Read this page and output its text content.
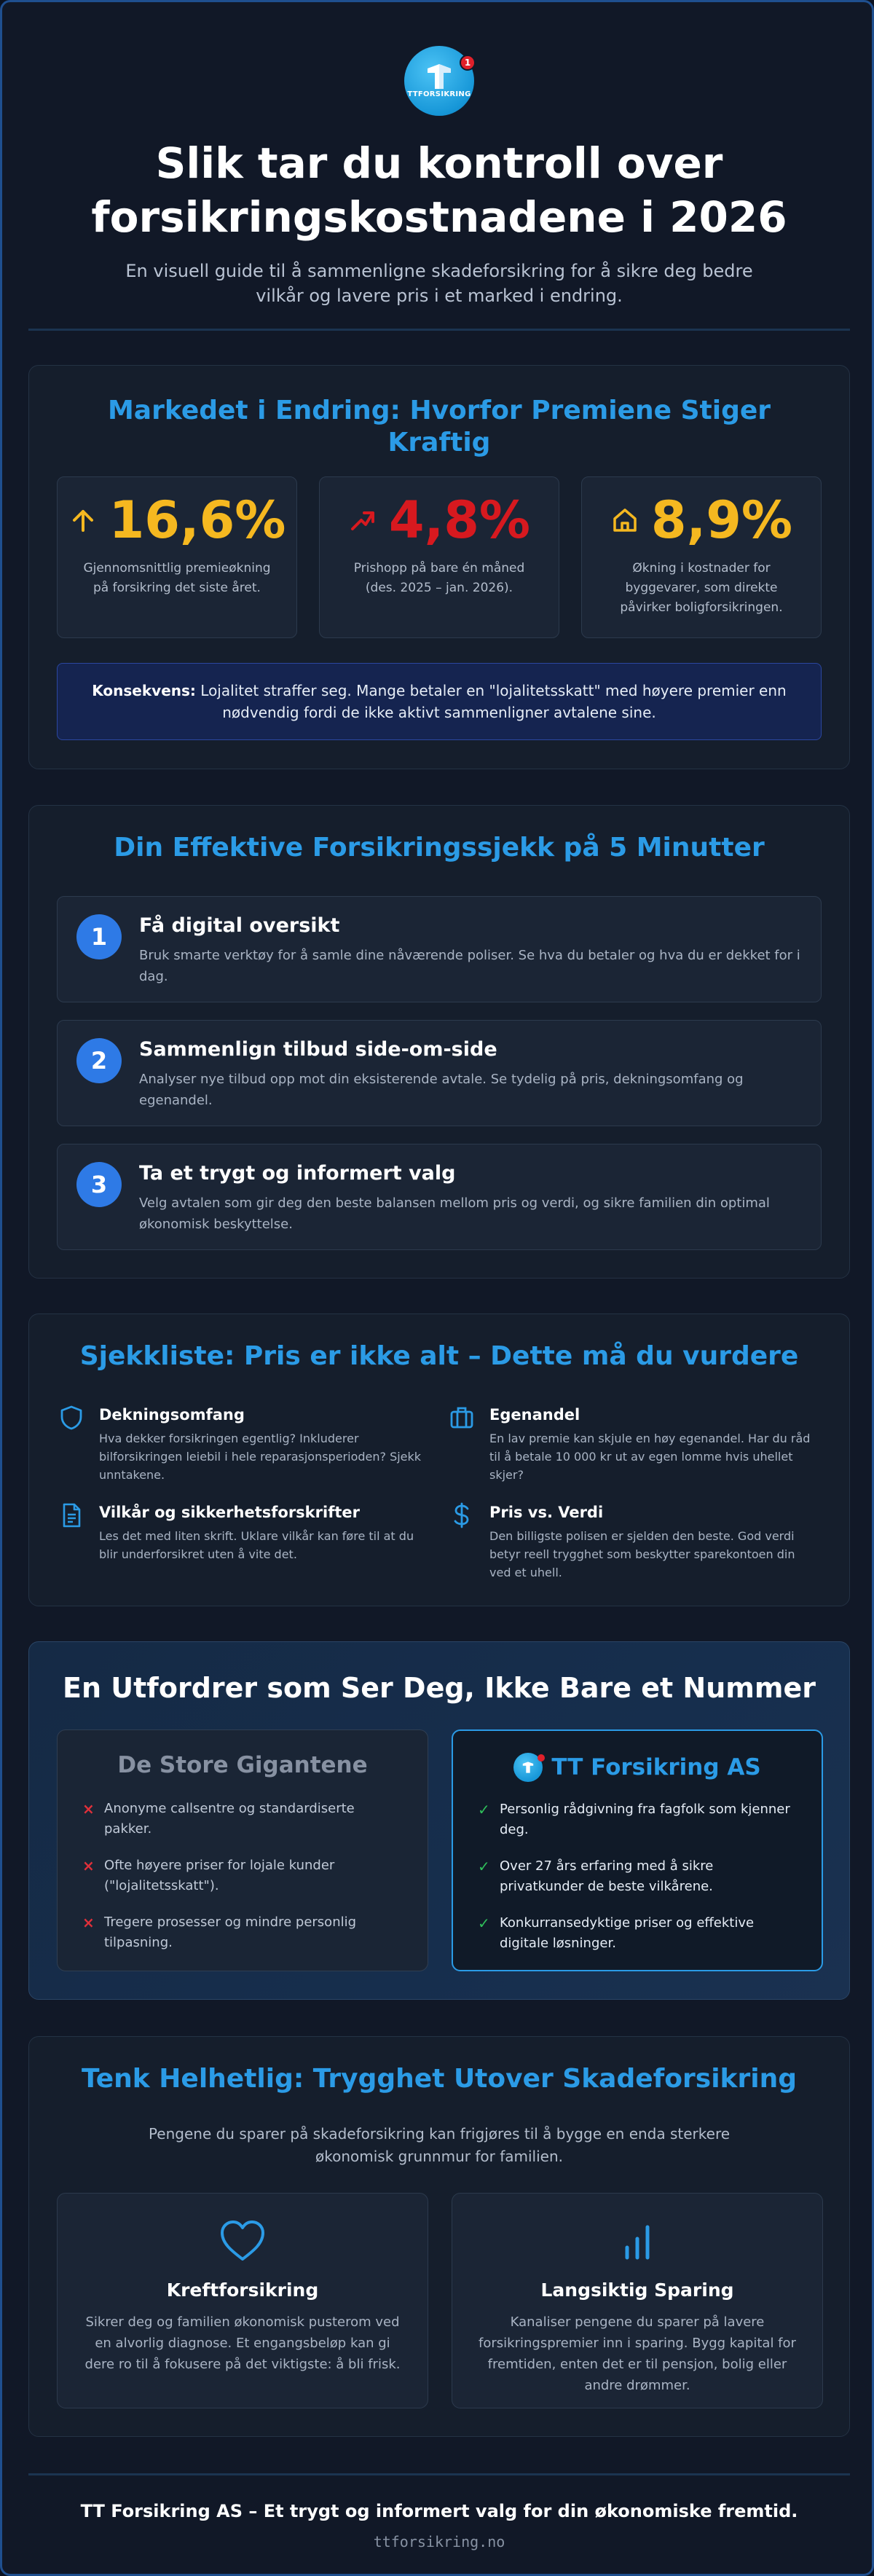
TTFORSIKRING
1
Slik tar du kontroll over
forsikringskostnadene i 2026

En visuell guide til å sammenligne skadeforsikring for å sikre deg bedre vilkår og lavere pris i et marked i endring.

Markedet i Endring: Hvorfor Premiene Stiger Kraftig
16,6%

Gjennomsnittlig premieøkning på forsikring det siste året.

4,8%

Prishopp på bare én måned (des. 2025 – jan. 2026).

8,9%

Økning i kostnader for byggevarer, som direkte påvirker boligforsikringen.

Konsekvens: Lojalitet straffer seg. Mange betaler en "lojalitetsskatt" med høyere premier enn nødvendig fordi de ikke aktivt sammenligner avtalene sine.

Din Effektive Forsikringssjekk på 5 Minutter
1	Få digital oversikt

Bruk smarte verktøy for å samle dine nåværende poliser. Se hva du betaler og hva du er dekket for i dag.

2	Sammenlign tilbud side-om-side

Analyser nye tilbud opp mot din eksisterende avtale. Se tydelig på pris, dekningsomfang og egenandel.

3	Ta et trygt og informert valg

Velg avtalen som gir deg den beste balansen mellom pris og verdi, og sikre familien din optimal økonomisk beskyttelse.

Sjekkliste: Pris er ikke alt – Dette må du vurdere
Dekningsomfang

Hva dekker forsikringen egentlig? Inkluderer bilforsikringen leiebil i hele reparasjonsperioden? Sjekk unntakene.

Egenandel

En lav premie kan skjule en høy egenandel. Har du råd til å betale 10 000 kr ut av egen lomme hvis uhellet skjer?

Vilkår og sikkerhetsforskrifter

Les det med liten skrift. Uklare vilkår kan føre til at du blir underforsikret uten å vite det.

Pris vs. Verdi

Den billigste polisen er sjelden den beste. God verdi betyr reell trygghet som beskytter sparekontoen din ved et uhell.

En Utfordrer som Ser Deg, Ikke Bare et Nummer
De Store Gigantene
× Anonyme callsentre og standardiserte pakker.
× Ofte høyere priser for lojale kunder ("lojalitetsskatt").
× Tregere prosesser og mindre personlig tilpasning.
TT Forsikring AS
✓ Personlig rådgivning fra fagfolk som kjenner deg.
✓ Over 27 års erfaring med å sikre privatkunder de beste vilkårene.
✓ Konkurransedyktige priser og effektive digitale løsninger.
Tenk Helhetlig: Trygghet Utover Skadeforsikring

Pengene du sparer på skadeforsikring kan frigjøres til å bygge en enda sterkere økonomisk grunnmur for familien.

Kreftforsikring

Sikrer deg og familien økonomisk pusterom ved en alvorlig diagnose. Et engangsbeløp kan gi dere ro til å fokusere på det viktigste: å bli frisk.

Langsiktig Sparing

Kanaliser pengene du sparer på lavere forsikringspremier inn i sparing. Bygg kapital for fremtiden, enten det er til pensjon, bolig eller andre drømmer.

TT Forsikring AS – Et trygt og informert valg for din økonomiske fremtid.
ttforsikring.no
